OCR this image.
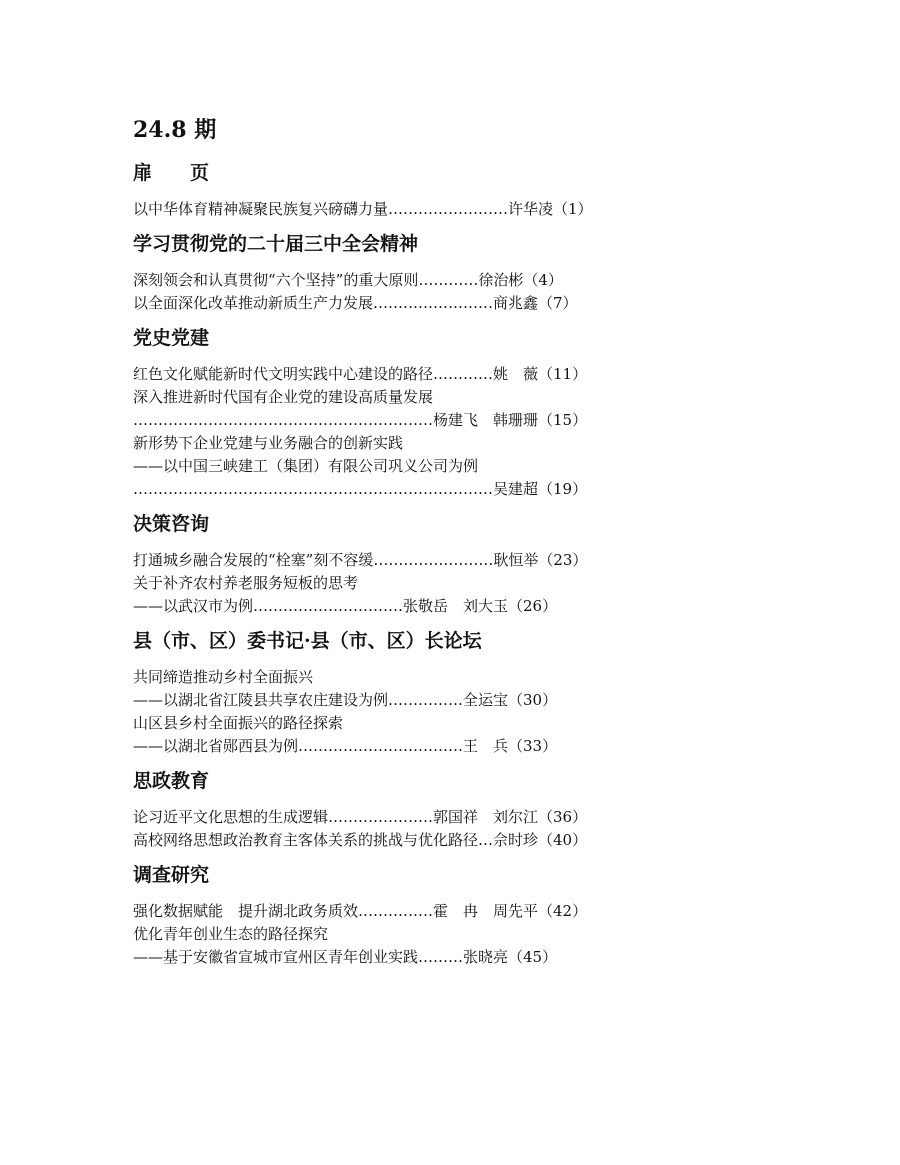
24.8 期
扉　　页
以中华体育精神凝聚民族复兴磅礴力量……………………许华凌（1）
学习贯彻党的二十届三中全会精神
深刻领会和认真贯彻“六个坚持”的重大原则…………徐治彬（4）
以全面深化改革推动新质生产力发展……………………商兆鑫（7）
党史党建
红色文化赋能新时代文明实践中心建设的路径…………姚　薇（11）
深入推进新时代国有企业党的建设高质量发展
……………………………………………………杨建飞　韩珊珊（15）
新形势下企业党建与业务融合的创新实践
——以中国三峡建工（集团）有限公司巩义公司为例
………………………………………………………………吴建超（19）
决策咨询
打通城乡融合发展的“栓塞”刻不容缓……………………耿恒举（23）
关于补齐农村养老服务短板的思考
——以武汉市为例…………………………张敬岳　刘大玉（26）
县（市、区）委书记·县（市、区）长论坛
共同缔造推动乡村全面振兴
——以湖北省江陵县共享农庄建设为例……………全运宝（30）
山区县乡村全面振兴的路径探索
——以湖北省郧西县为例……………………………王　兵（33）
思政教育
论习近平文化思想的生成逻辑…………………郭国祥　刘尔江（36）
高校网络思想政治教育主客体关系的挑战与优化路径…佘时珍（40）
调查研究
强化数据赋能　提升湖北政务质效……………霍　冉　周先平（42）
优化青年创业生态的路径探究
——基于安徽省宣城市宣州区青年创业实践………张晓亮（45）
